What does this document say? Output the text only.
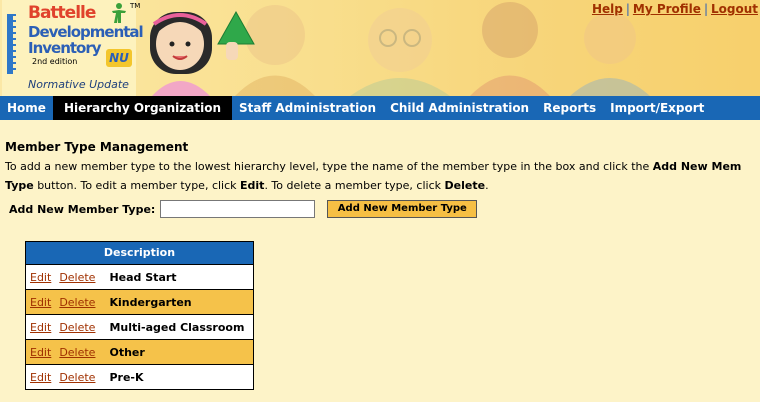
Battelle
Developmental
Inventory
2nd edition	NU
Normative Update
TM	Help | My Profile | Logout
Home	Hierarchy Organization	Staff Administration	Child Administration	Reports	Import/Export
Member Type Management
To add a new member type to the lowest hierarchy level, type the name of the member type in the box and click the Add New Mem
Type button. To edit a member type, click Edit. To delete a member type, click Delete.
Add New Member Type:	Add New Member Type
Description
Edit Delete Head Start
Edit Delete Kindergarten
Edit Delete Multi-aged Classroom
Edit Delete Other
Edit Delete Pre-K
